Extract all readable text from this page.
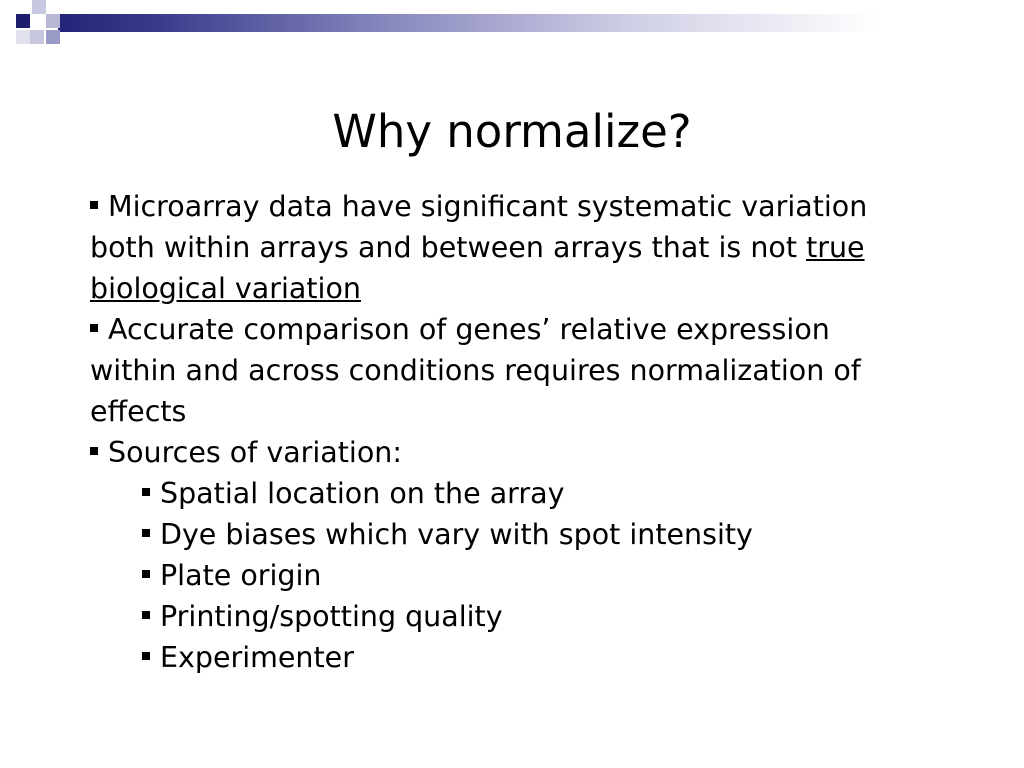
Why normalize?

Microarray data have significant systematic variation both within arrays and between arrays that is not true biological variation

Accurate comparison of genes’ relative expression within and across conditions requires normalization of effects

Sources of variation:

Spatial location on the array

Dye biases which vary with spot intensity

Plate origin

Printing/spotting quality

Experimenter
